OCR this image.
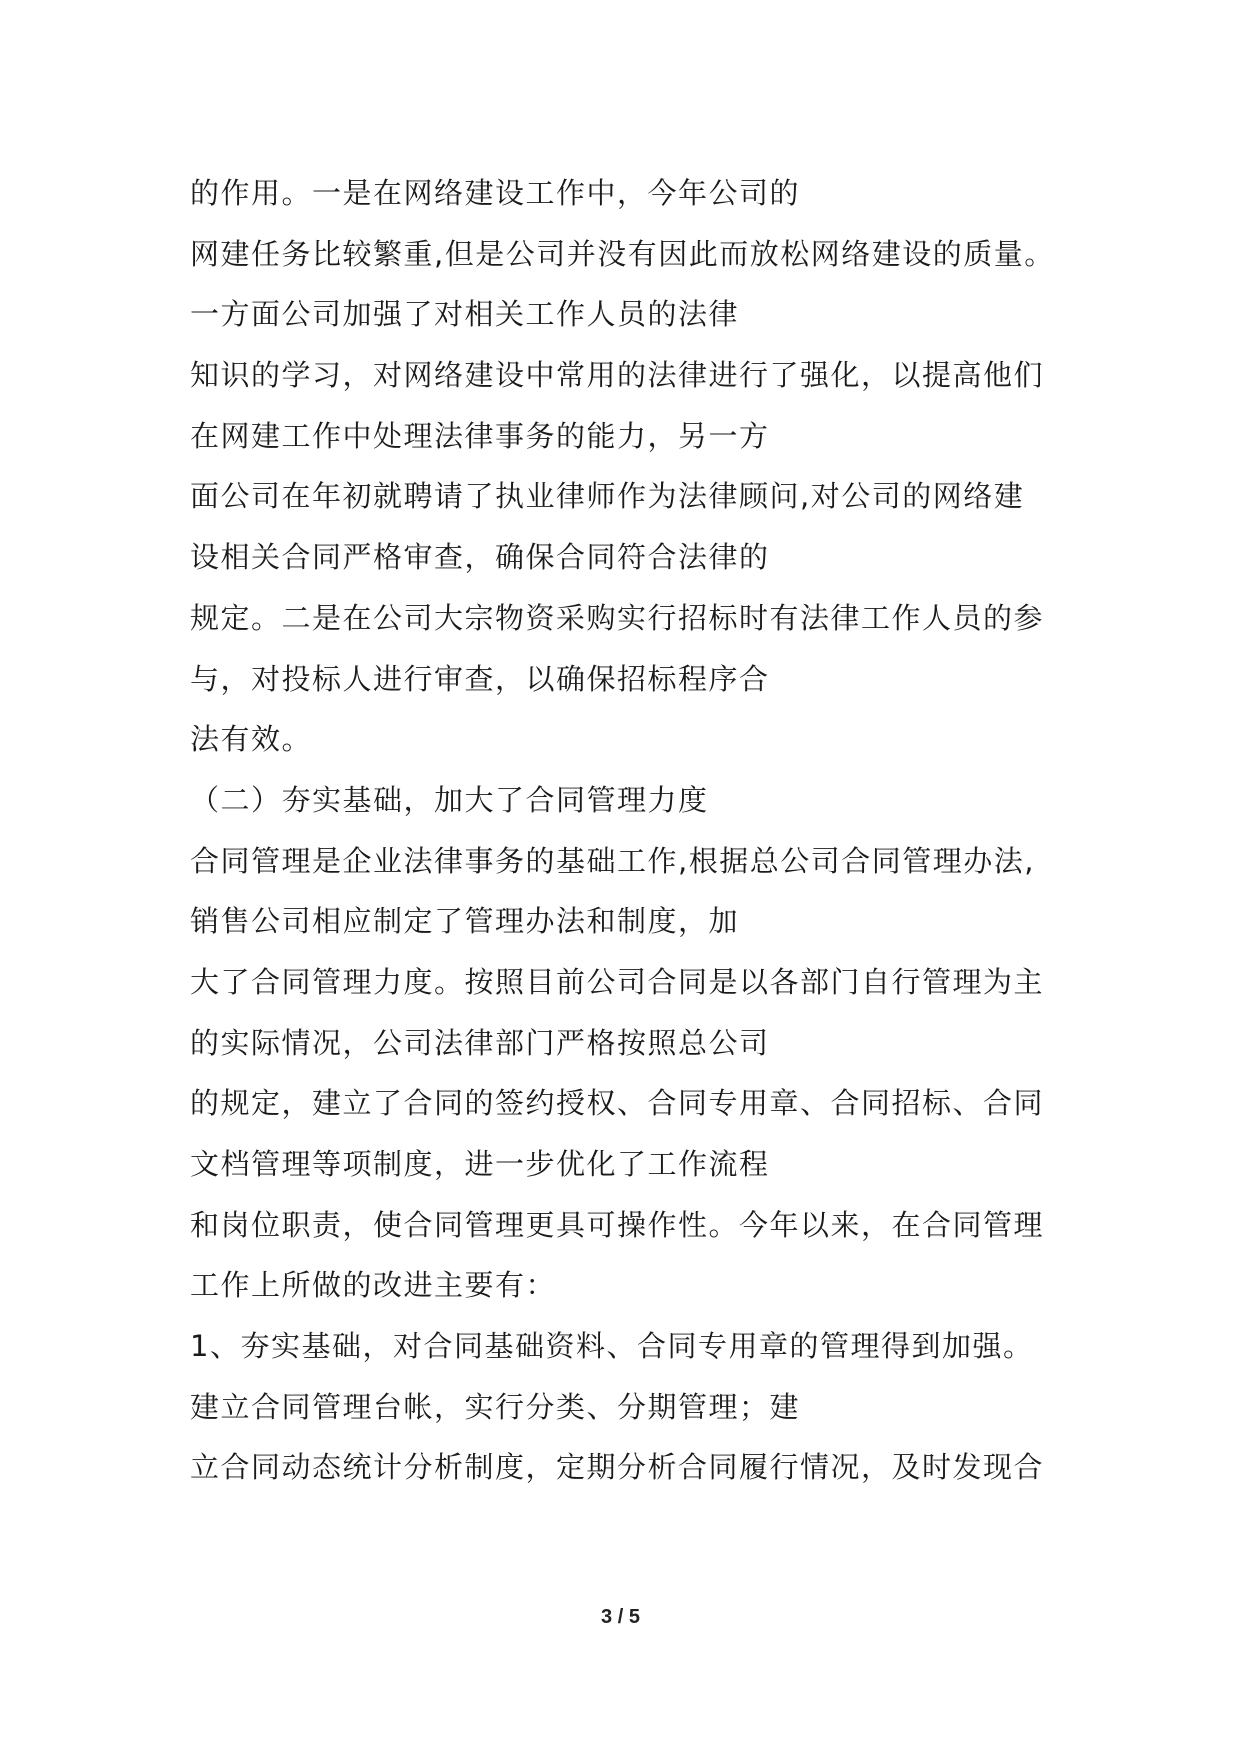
的作用。一是在网络建设工作中，今年公司的
网建任务比较繁重,但是公司并没有因此而放松网络建设的质量。
一方面公司加强了对相关工作人员的法律
知识的学习，对网络建设中常用的法律进行了强化，以提高他们
在网建工作中处理法律事务的能力，另一方
面公司在年初就聘请了执业律师作为法律顾问,对公司的网络建
设相关合同严格审查，确保合同符合法律的
规定。二是在公司大宗物资采购实行招标时有法律工作人员的参
与，对投标人进行审查，以确保招标程序合
法有效。
（二）夯实基础，加大了合同管理力度
合同管理是企业法律事务的基础工作,根据总公司合同管理办法,
销售公司相应制定了管理办法和制度，加
大了合同管理力度。按照目前公司合同是以各部门自行管理为主
的实际情况，公司法律部门严格按照总公司
的规定，建立了合同的签约授权、合同专用章、合同招标、合同
文档管理等项制度，进一步优化了工作流程
和岗位职责，使合同管理更具可操作性。今年以来，在合同管理
工作上所做的改进主要有：
1、夯实基础，对合同基础资料、合同专用章的管理得到加强。
建立合同管理台帐，实行分类、分期管理；建
立合同动态统计分析制度，定期分析合同履行情况，及时发现合
3 / 5
